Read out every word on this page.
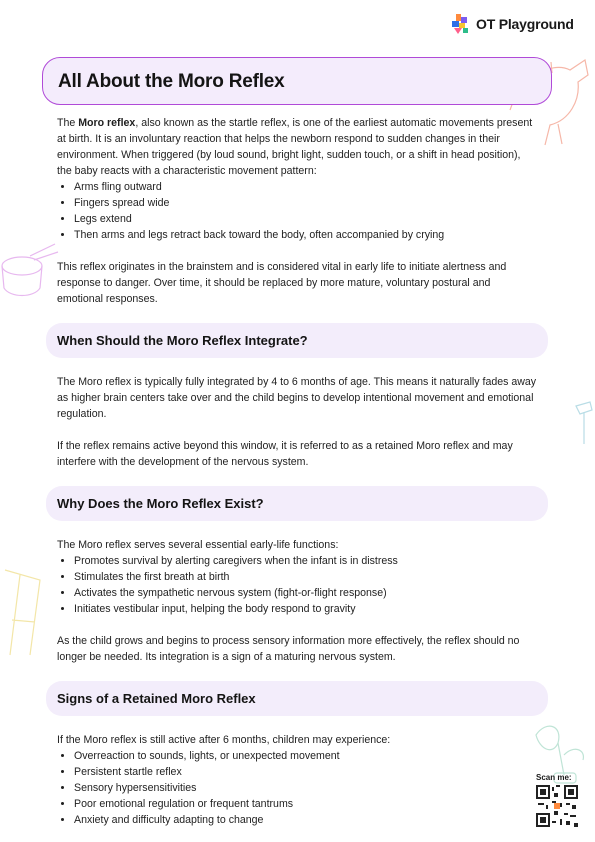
OT Playground
All About the Moro Reflex

The Moro reflex, also known as the startle reflex, is one of the earliest automatic movements present at birth. It is an involuntary reaction that helps the newborn respond to sudden changes in their environment. When triggered (by loud sound, bright light, sudden touch, or a shift in head position), the baby reacts with a characteristic movement pattern:

• Arms fling outward
• Fingers spread wide
• Legs extend
• Then arms and legs retract back toward the body, often accompanied by crying

This reflex originates in the brainstem and is considered vital in early life to initiate alertness and response to danger. Over time, it should be replaced by more mature, voluntary postural and emotional responses.

When Should the Moro Reflex Integrate?

The Moro reflex is typically fully integrated by 4 to 6 months of age. This means it naturally fades away as higher brain centers take over and the child begins to develop intentional movement and emotional regulation.

If the reflex remains active beyond this window, it is referred to as a retained Moro reflex and may interfere with the development of the nervous system.

Why Does the Moro Reflex Exist?

The Moro reflex serves several essential early-life functions:

• Promotes survival by alerting caregivers when the infant is in distress
• Stimulates the first breath at birth
• Activates the sympathetic nervous system (fight-or-flight response)
• Initiates vestibular input, helping the body respond to gravity

As the child grows and begins to process sensory information more effectively, the reflex should no longer be needed. Its integration is a sign of a maturing nervous system.

Signs of a Retained Moro Reflex

If the Moro reflex is still active after 6 months, children may experience:

• Overreaction to sounds, lights, or unexpected movement
• Persistent startle reflex
• Sensory hypersensitivities
• Poor emotional regulation or frequent tantrums
• Anxiety and difficulty adapting to change
Scan me:
